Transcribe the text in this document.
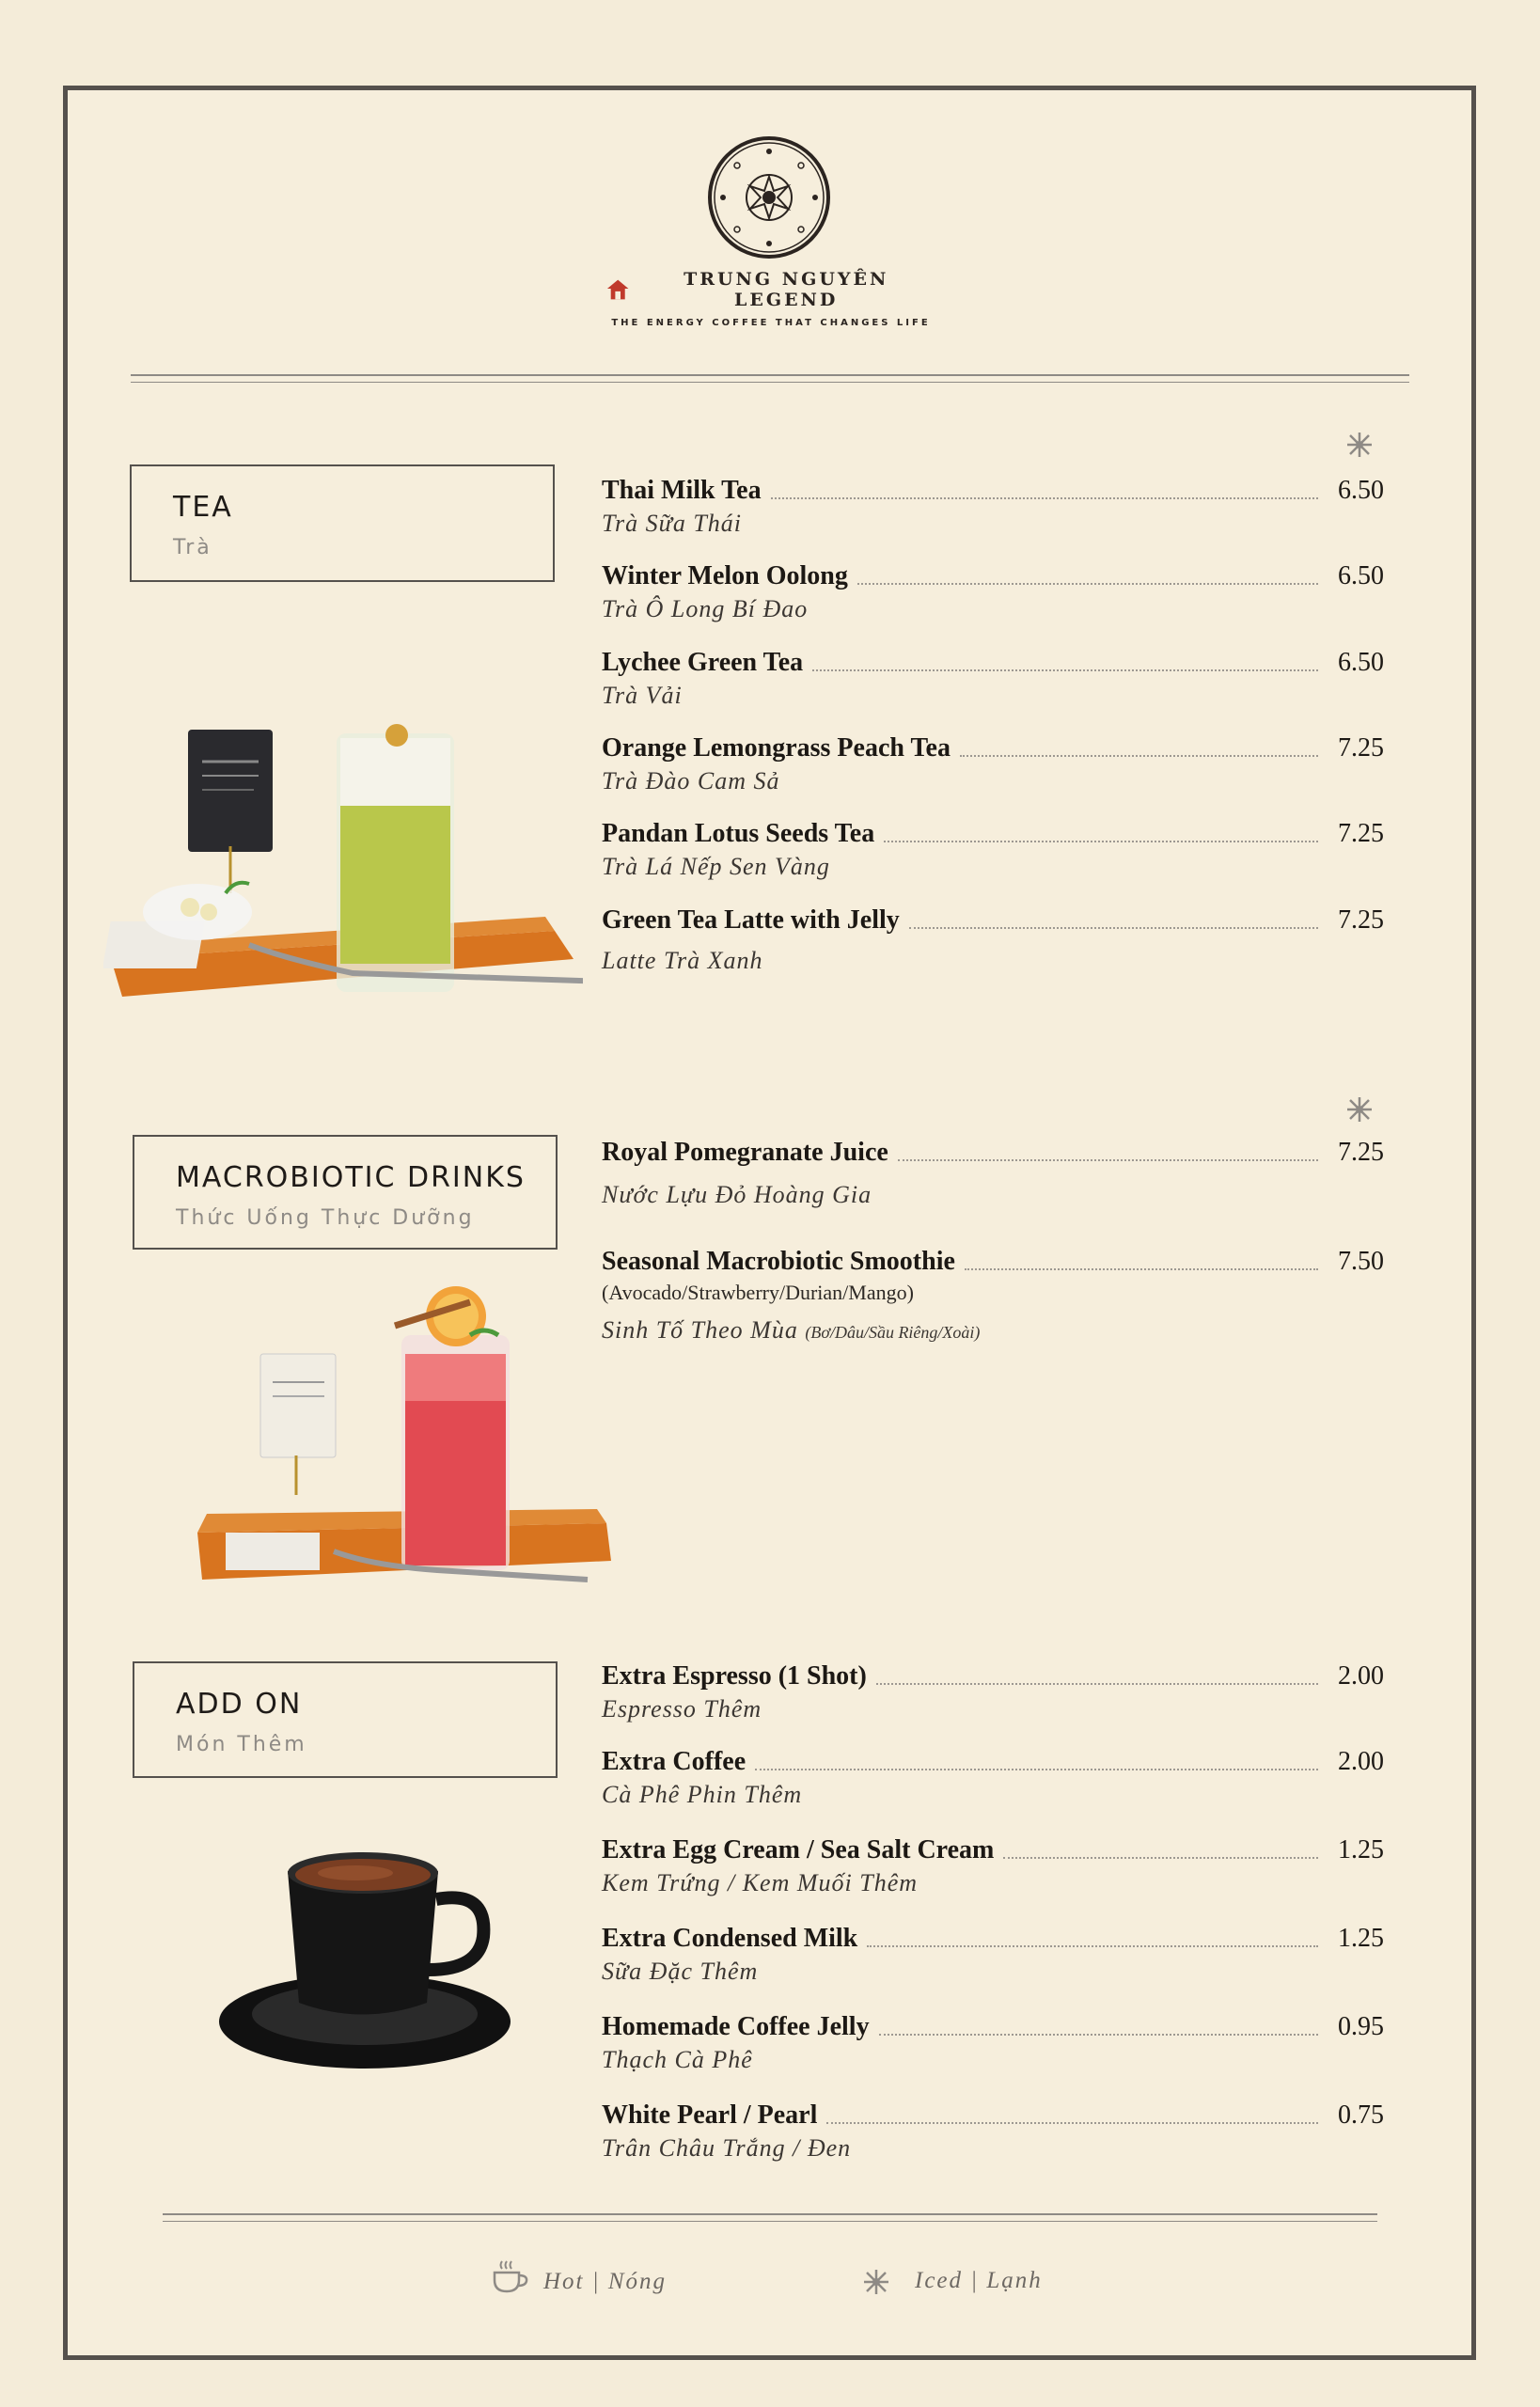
TRUNG NGUYÊN LEGEND
THE ENERGY COFFEE THAT CHANGES LIFE
TEA
Trà
Thai Milk Tea	6.50
Trà Sữa Thái
Winter Melon Oolong	6.50
Trà Ô Long Bí Đao
Lychee Green Tea	6.50
Trà Vải
Orange Lemongrass Peach Tea	7.25
Trà Đào Cam Sả
Pandan Lotus Seeds Tea	7.25
Trà Lá Nếp Sen Vàng
Green Tea Latte with Jelly	7.25
Latte Trà Xanh
MACROBIOTIC DRINKS
Thức Uống Thực Dưỡng
Royal Pomegranate Juice	7.25
Nước Lựu Đỏ Hoàng Gia
Seasonal Macrobiotic Smoothie	7.50
(Avocado/Strawberry/Durian/Mango)
Sinh Tố Theo Mùa (Bơ/Dâu/Sầu Riêng/Xoài)
ADD ON
Món Thêm
Extra Espresso (1 Shot)	2.00
Espresso Thêm
Extra Coffee	2.00
Cà Phê Phin Thêm
Extra Egg Cream / Sea Salt Cream	1.25
Kem Trứng / Kem Muối Thêm
Extra Condensed Milk	1.25
Sữa Đặc Thêm
Homemade Coffee Jelly	0.95
Thạch Cà Phê
White Pearl / Pearl	0.75
Trân Châu Trắng / Đen
Hot | Nóng	Iced | Lạnh
